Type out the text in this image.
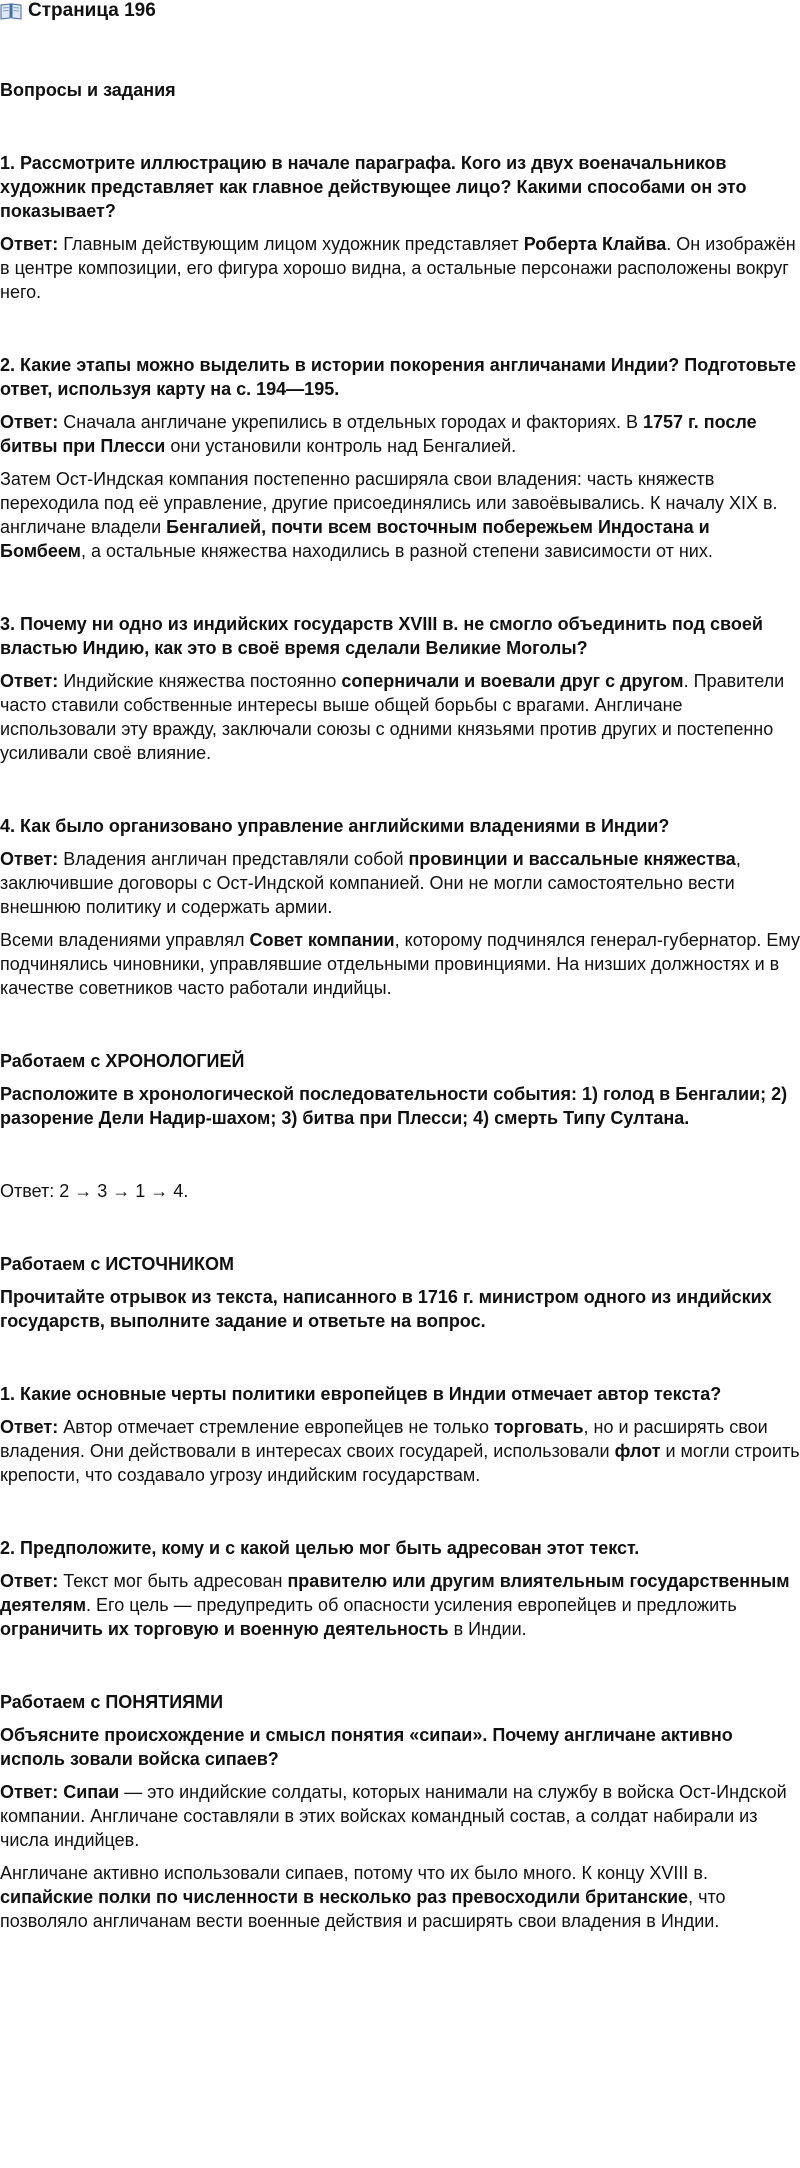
Страница 196
Вопросы и задания
1. Рассмотрите иллюстрацию в начале параграфа. Кого из двух военачальников художник представляет как главное действующее лицо? Какими способами он это показывает?
Ответ: Главным действующим лицом художник представляет Роберта Клайва. Он изображён в центре композиции, его фигура хорошо видна, а остальные персонажи расположены вокруг него.
2. Какие этапы можно выделить в истории покорения англичанами Индии? Подготовьте ответ, используя карту на с. 194—195.
Ответ: Сначала англичане укрепились в отдельных городах и факториях. В 1757 г. после битвы при Плесси они установили контроль над Бенгалией.
Затем Ост-Индская компания постепенно расширяла свои владения: часть княжеств переходила под её управление, другие присоединялись или завоёвывались. К началу XIX в. англичане владели Бенгалией, почти всем восточным побережьем Индостана и Бомбеем, а остальные княжества находились в разной степени зависимости от них.
3. Почему ни одно из индийских государств XVIII в. не смогло объединить под своей властью Индию, как это в своё время сделали Великие Моголы?
Ответ: Индийские княжества постоянно соперничали и воевали друг с другом. Правители часто ставили собственные интересы выше общей борьбы с врагами. Англичане использовали эту вражду, заключали союзы с одними князьями против других и постепенно усиливали своё влияние.
4. Как было организовано управление английскими владениями в Индии?
Ответ: Владения англичан представляли собой провинции и вассальные княжества, заключившие договоры с Ост-Индской компанией. Они не могли самостоятельно вести внешнюю политику и содержать армии.
Всеми владениями управлял Совет компании, которому подчинялся генерал-губернатор. Ему подчинялись чиновники, управлявшие отдельными провинциями. На низших должностях и в качестве советников часто работали индийцы.
Работаем с ХРОНОЛОГИЕЙ
Расположите в хронологической последовательности события: 1) голод в Бенгалии; 2) разорение Дели Надир-шахом; 3) битва при Плесси; 4) смерть Типу Султана.
Ответ: 2 → 3 → 1 → 4.
Работаем с ИСТОЧНИКОМ
Прочитайте отрывок из текста, написанного в 1716 г. министром одного из индийских государств, выполните задание и ответьте на вопрос.
1. Какие основные черты политики европейцев в Индии отмечает автор текста?
Ответ: Автор отмечает стремление европейцев не только торговать, но и расширять свои владения. Они действовали в интересах своих государей, использовали флот и могли строить крепости, что создавало угрозу индийским государствам.
2. Предположите, кому и с какой целью мог быть адресован этот текст.
Ответ: Текст мог быть адресован правителю или другим влиятельным государственным деятелям. Его цель — предупредить об опасности усиления европейцев и предложить ограничить их торговую и военную деятельность в Индии.
Работаем с ПОНЯТИЯМИ
Объясните происхождение и смысл понятия «сипаи». Почему англичане активно исполь зовали войска сипаев?
Ответ: Сипаи — это индийские солдаты, которых нанимали на службу в войска Ост-Индской компании. Англичане составляли в этих войсках командный состав, а солдат набирали из числа индийцев.
Англичане активно использовали сипаев, потому что их было много. К концу XVIII в. сипайские полки по численности в несколько раз превосходили британские, что позволяло англичанам вести военные действия и расширять свои владения в Индии.
